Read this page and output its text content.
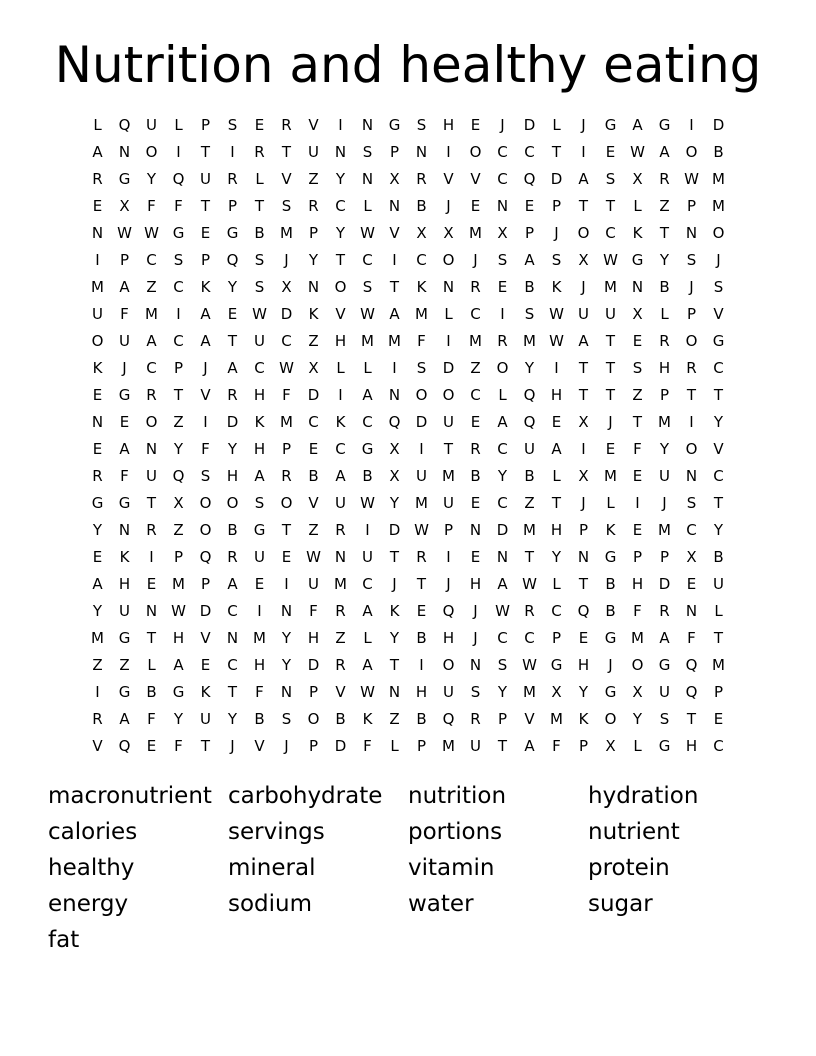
Nutrition and healthy eating
L	Q	U	L	P	S	E	R	V	I	N	G	S	H	E	J	D	L	J	G	A	G	I	D
A	N	O	I	T	I	R	T	U	N	S	P	N	I	O	C	C	T	I	E W A	O	B
R	G	Y	Q	U	R	L	V	Z	Y	N	X	R	V	V	C	Q	D	A	S	X	R W M
E	X	F	F	T	P	T	S	R	C	L	N	B	J	E	N	E	P	T	T	L	Z	P	M
N W W G	E	G	B	M	P	Y	W V	X	X	M	X	P	J	O	C	K	T	N	O
I	P	C	S	P	Q	S	J	Y	T	C	I	C	O	J	S	A	S	X W G	Y	S	J
M	A	Z	C	K	Y	S	X	N	O	S	T	K	N	R	E	B	K	J	M N	B	J	S
U	F	M	I	A	E W D	K	V W A	M	L	C	I	S W U	U	X	L	P	V
O	U	A	C	A	T	U	C	Z	H M M	F	I	M	R	M W A	T	E	R	O	G
K	J	C	P	J	A	C W X	L	L	I	S	D	Z	O	Y	I	T	T	S	H	R	C
E	G	R	T	V	R	H	F	D	I	A	N	O	O	C	L	Q	H	T	T	Z	P	T	T
N	E	O	Z	I	D	K	M	C	K	C	Q	D	U	E	A	Q	E	X	J	T	M	I	Y
E	A	N	Y	F	Y	H	P	E	C	G	X	I	T	R	C	U	A	I	E	F	Y	O	V
R	F	U	Q	S	H	A	R	B	A	B	X	U	M	B	Y	B	L	X	M	E	U	N	C
G	G	T	X	O	O	S	O	V	U W Y	M	U	E	C	Z	T	J	L	I	J	S	T
Y	N	R	Z	O	B	G	T	Z	R	I	D W	P	N	D M H	P	K	E	M	C	Y
E	K	I	P	Q	R	U	E W N	U	T	R	I	E	N	T	Y	N	G	P	P	X	B
A	H	E	M	P	A	E	I	U	M	C	J	T	J	H	A W	L	T	B	H	D	E	U
Y	U	N W D	C	I	N	F	R	A	K	E	Q	J	W R	C	Q	B	F	R	N	L
M G	T	H	V	N M	Y	H	Z	L	Y	B	H	J	C	C	P	E	G M	A	F	T
Z	Z	L	A	E	C	H	Y	D	R	A	T	I	O	N	S W G	H	J	O	G	Q M
I	G	B	G	K	T	F	N	P	V W N	H	U	S	Y	M	X	Y	G	X	U	Q	P
R	A	F	Y	U	Y	B	S	O	B	K	Z	B	Q	R	P	V	M	K	O	Y	S	T	E
V	Q	E	F	T	J	V	J	P	D	F	L	P	M	U	T	A	F	P	X	L	G	H	C
macronutrient carbohydrate	nutrition	hydration
calories	servings	portions	nutrient
healthy	mineral	vitamin	protein
energy	sodium	water	sugar
fat
